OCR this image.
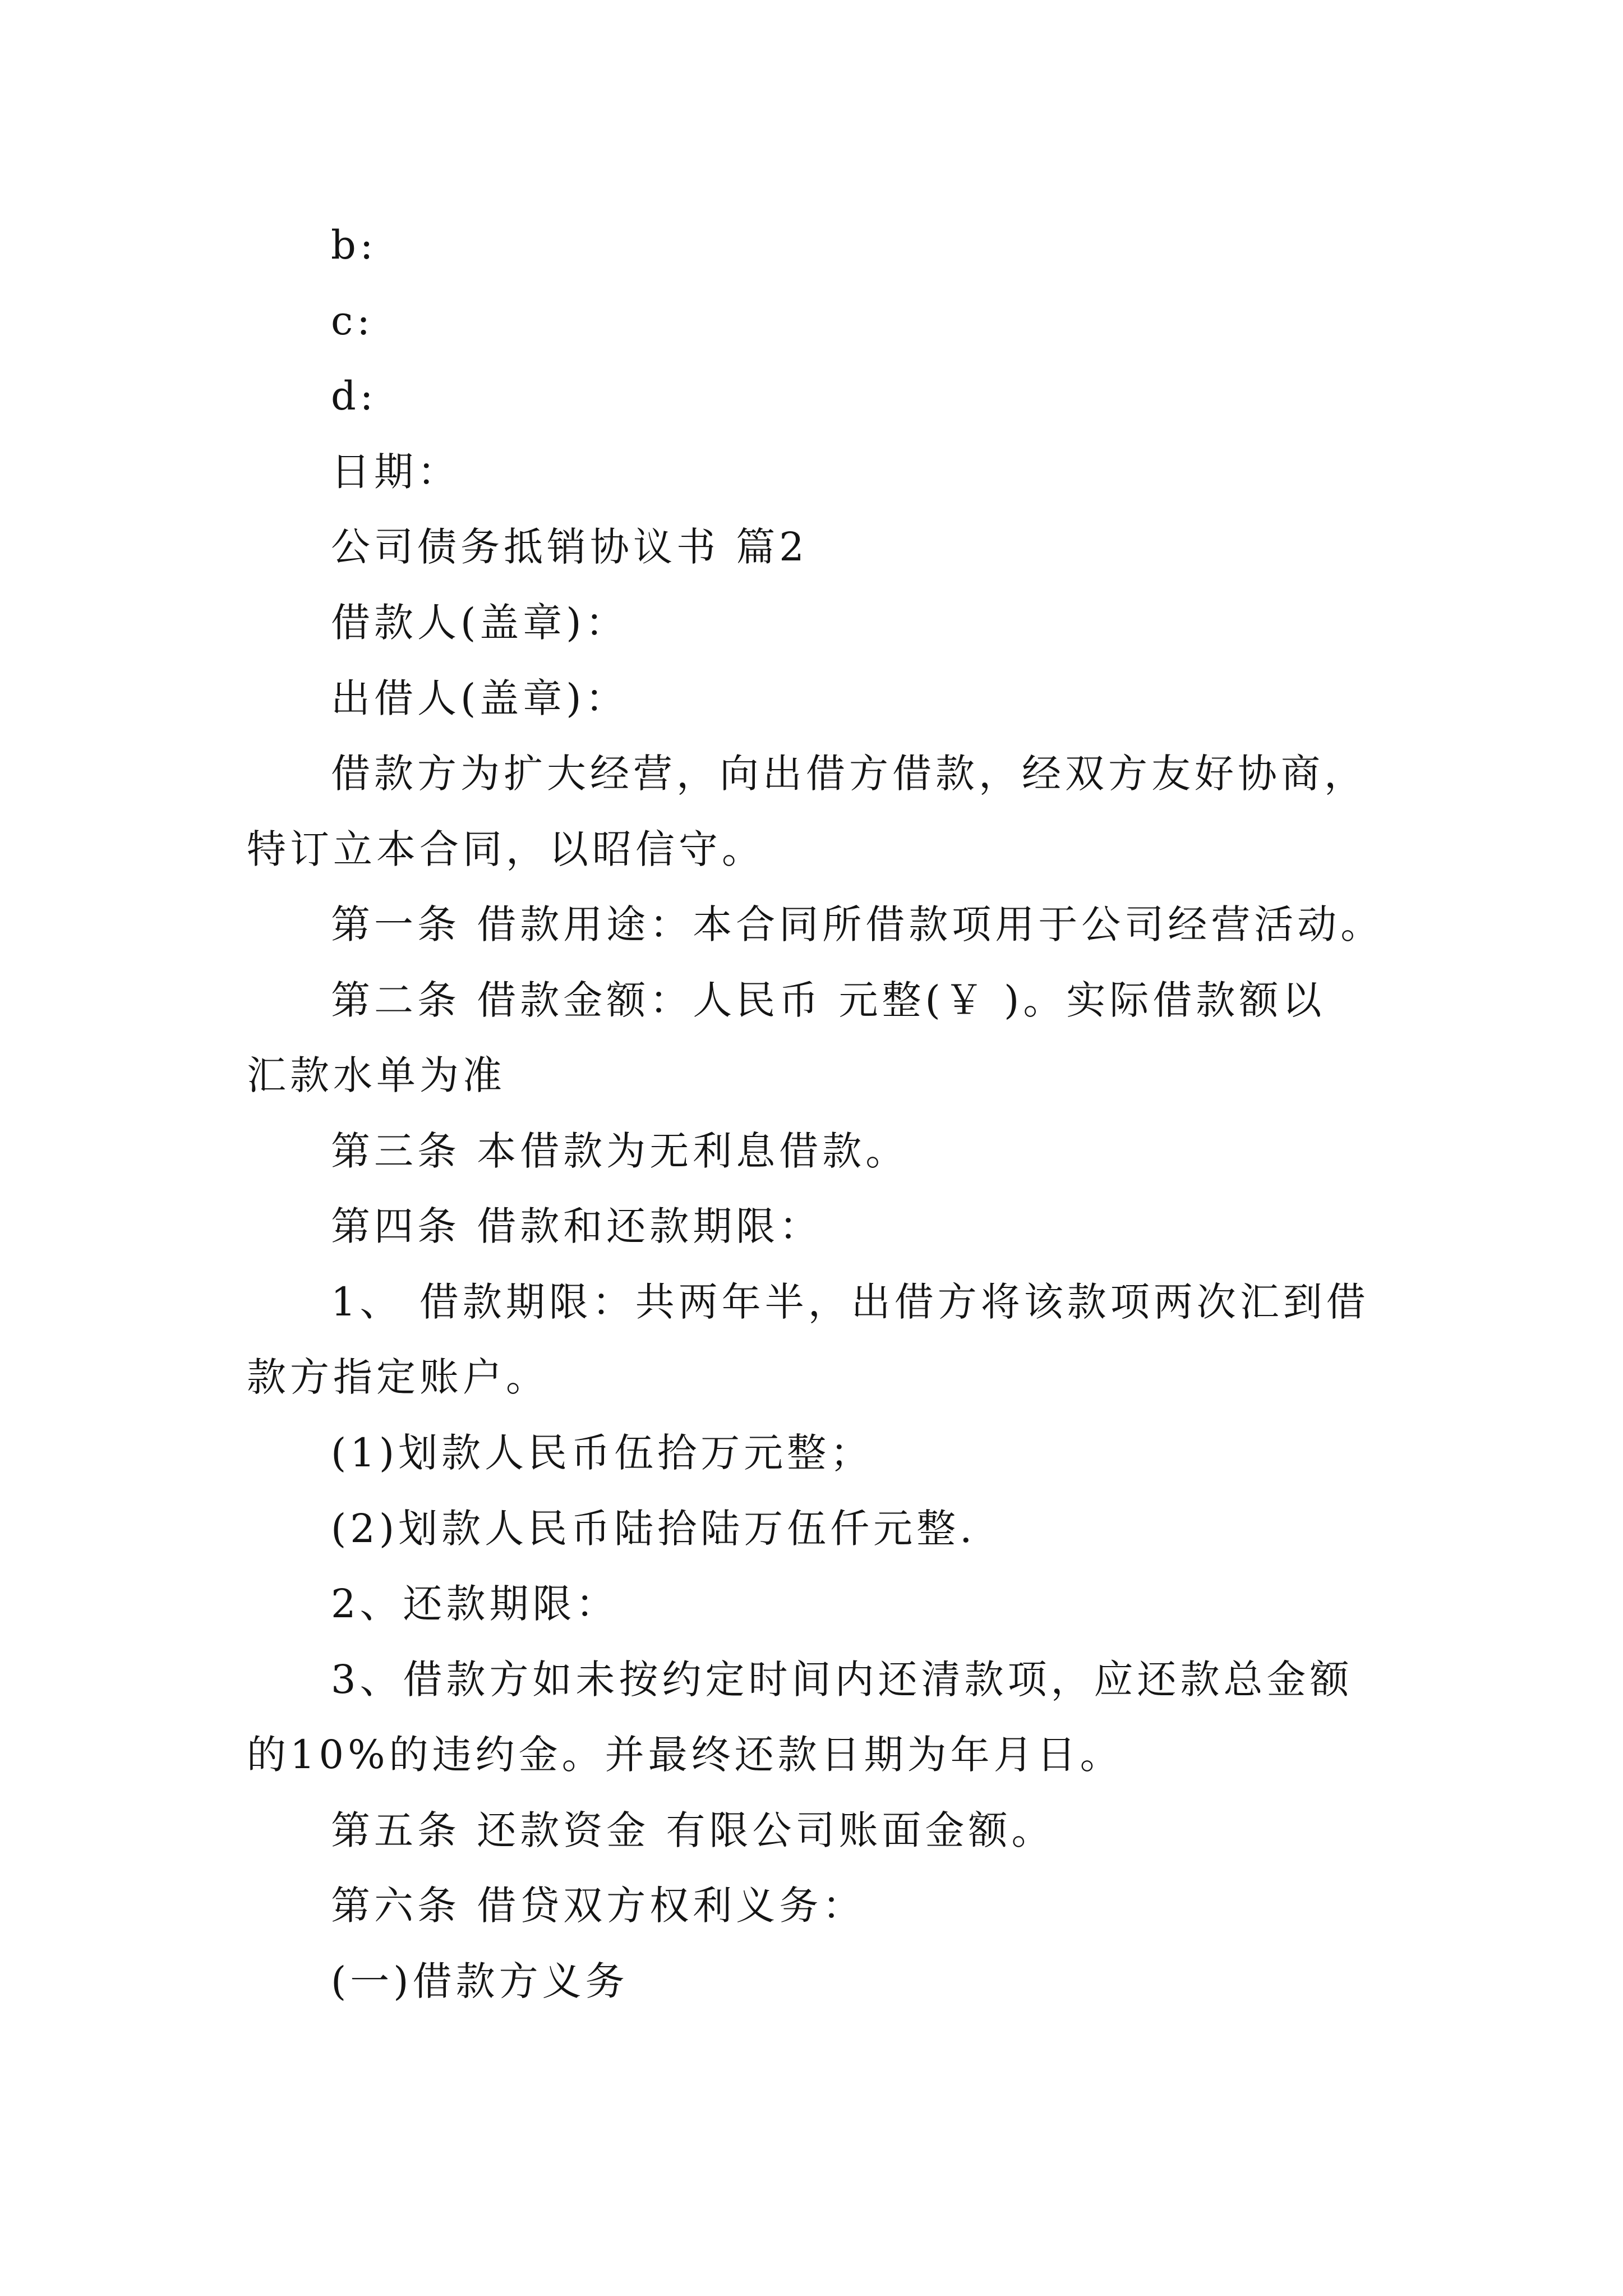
b:

c:

d:

日期：

公司债务抵销协议书 篇2

借款人(盖章)：

出借人(盖章)：

借款方为扩大经营，向出借方借款，经双方友好协商，

特订立本合同，以昭信守。

第一条 借款用途：本合同所借款项用于公司经营活动。

第二条 借款金额：人民币 元整(￥ )。实际借款额以

汇款水单为准

第三条 本借款为无利息借款。

第四条 借款和还款期限：

1、 借款期限：共两年半，出借方将该款项两次汇到借

款方指定账户。

(1)划款人民币伍拾万元整；

(2)划款人民币陆拾陆万伍仟元整.

2、还款期限：

3、借款方如未按约定时间内还清款项，应还款总金额

的10%的违约金。并最终还款日期为年月日。

第五条 还款资金 有限公司账面金额。

第六条 借贷双方权利义务：

(一)借款方义务
